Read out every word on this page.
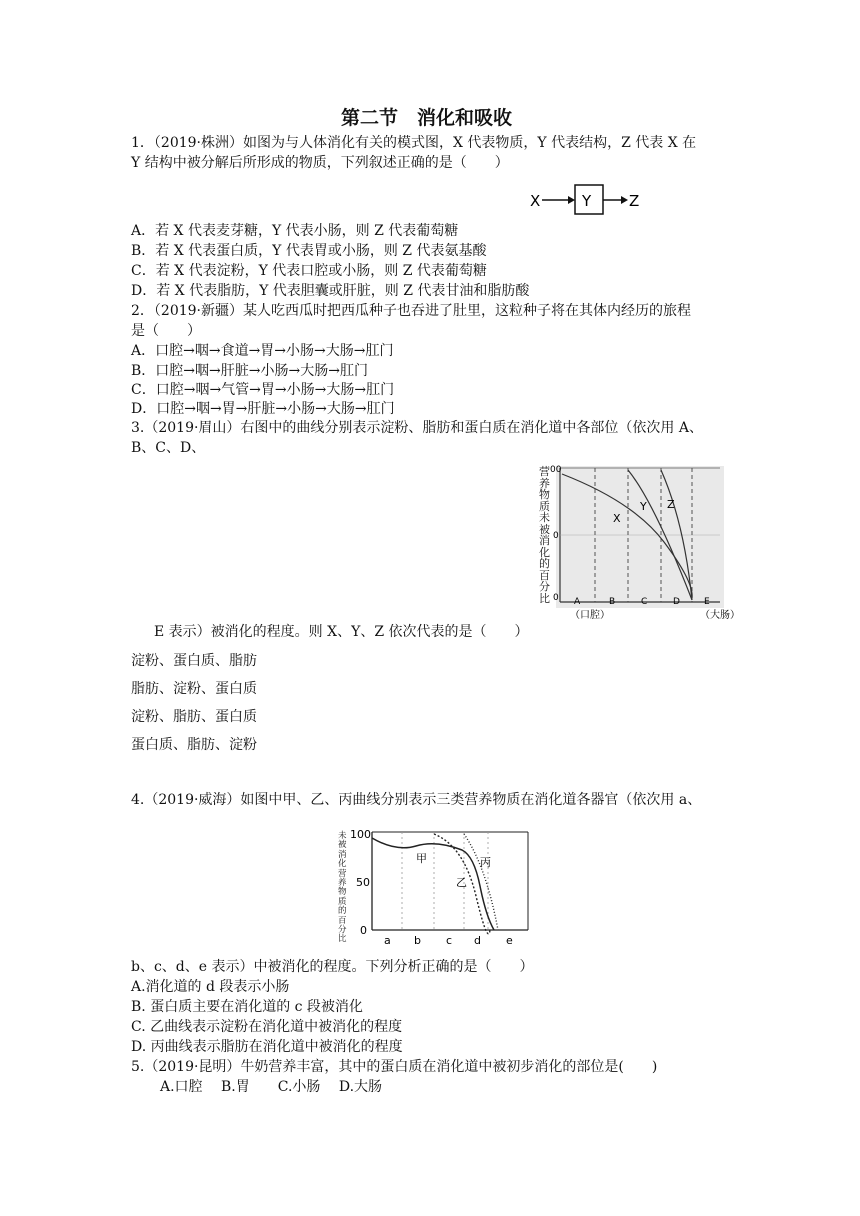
第二节　消化和吸收
1．（2019·株洲）如图为与人体消化有关的模式图，X 代表物质，Y 代表结构，Z 代表 X 在
Y 结构中被分解后所形成的物质，下列叙述正确的是（　　）
X	Y	Z
A．若 X 代表麦芽糖，Y 代表小肠，则 Z 代表葡萄糖
B．若 X 代表蛋白质，Y 代表胃或小肠，则 Z 代表氨基酸
C．若 X 代表淀粉，Y 代表口腔或小肠，则 Z 代表葡萄糖
D．若 X 代表脂肪，Y 代表胆囊或肝脏，则 Z 代表甘油和脂肪酸
2．（2019·新疆）某人吃西瓜时把西瓜种子也吞进了肚里，这粒种子将在其体内经历的旅程
是（　　）
A．口腔→咽→食道→胃→小肠→大肠→肛门
B．口腔→咽→肝脏→小肠→大肠→肛门
C．口腔→咽→气管→胃→小肠→大肠→肛门
D．口腔→咽→胃→肝脏→小肠→大肠→肛门
3.（2019·眉山）右图中的曲线分别表示淀粉、脂肪和蛋白质在消化道中各部位（依次用 A、
B、C、D、
X
Y Z
00
0
0 A	B	C	D	E
（口腔）	（大肠）
营养物质未被消化的百分比
E 表示）被消化的程度。则 X、Y、Z 依次代表的是（　　）
淀粉、蛋白质、脂肪
脂肪、淀粉、蛋白质
淀粉、脂肪、蛋白质
蛋白质、脂肪、淀粉
4.（2019·威海）如图中甲、乙、丙曲线分别表示三类营养物质在消化道各器官（依次用 a、
甲
乙
丙
100
50
0
a b c d e
未被消化营养物质的百分比
b、c、d、e 表示）中被消化的程度。下列分析正确的是（　　）
A.消化道的 d 段表示小肠
B. 蛋白质主要在消化道的 c 段被消化
C. 乙曲线表示淀粉在消化道中被消化的程度
D. 丙曲线表示脂肪在消化道中被消化的程度
5.（2019·昆明）牛奶营养丰富，其中的蛋白质在消化道中被初步消化的部位是(　　)
A.口腔　 B.胃　　C.小肠　 D.大肠
